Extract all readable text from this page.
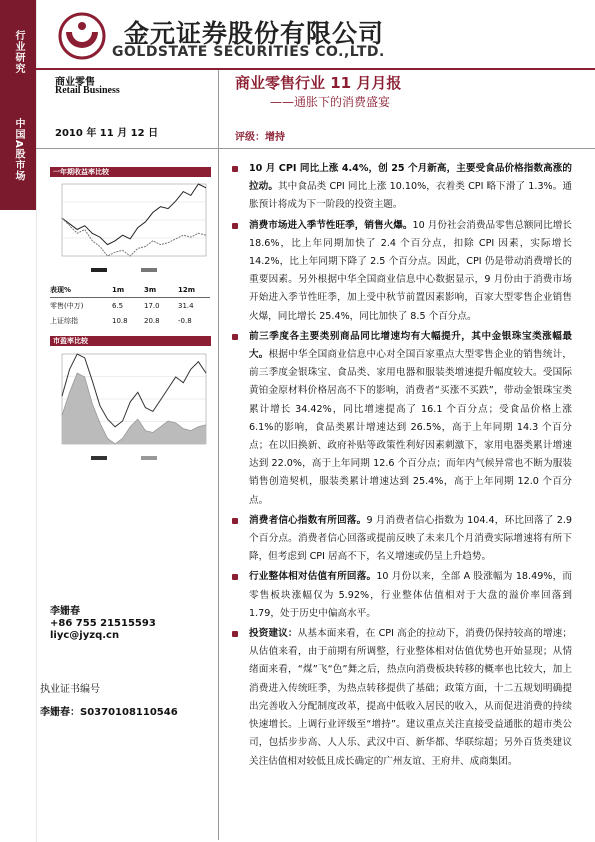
行业研究
中国A股市场
金元证券股份有限公司
GOLDSTATE SECURITIES CO.,LTD.
商业零售
Retail Business	商业零售行业 11 月月报
——通胀下的消费盛宴
2010 年 11 月 12 日	评级：增持
一年期收益率比较
表现%	1m	3m	12m
零售(中万)	6.5	17.0	31.4
上证综指	10.8	20.8	-0.8
市盈率比较
李姗春
+86 755 21515593
liyc@jyzq.cn
执业证书编号
李姗春：S0370108110546
10 月 CPI 同比上涨 4.4%，创 25 个月新高，主要受食品价格指数高涨的拉动。其中食品类 CPI 同比上涨 10.10%，衣着类 CPI 略下滑了 1.3%。通胀预计将成为下一阶段的投资主题。
消费市场进入季节性旺季，销售火爆。10 月份社会消费品零售总额同比增长 18.6%，比上年同期加快了 2.4 个百分点，扣除 CPI 因素，实际增长 14.2%，比上年同期下降了 2.5 个百分点。因此，CPI 仍是带动消费增长的重要因素。另外根据中华全国商业信息中心数据显示，9 月份由于消费市场开始进入季节性旺季，加上受中秋节前置因素影响，百家大型零售企业销售火爆，同比增长 25.4%，同比加快了 8.5 个百分点。
前三季度各主要类别商品同比增速均有大幅提升，其中金银珠宝类涨幅最大。根据中华全国商业信息中心对全国百家重点大型零售企业的销售统计，前三季度金银珠宝、食品类、家用电器和服装类增速提升幅度较大。受国际黄铂金原材料价格居高不下的影响，消费者“买涨不买跌”，带动金银珠宝类累计增长 34.42%，同比增速提高了 16.1 个百分点；受食品价格上涨 6.1%的影响，食品类累计增速达到 26.5%，高于上年同期 14.3 个百分点；在以旧换新、政府补贴等政策性利好因素刺激下，家用电器类累计增速达到 22.0%，高于上年同期 12.6 个百分点；而年内气候异常也不断为服装销售创造契机，服装类累计增速达到 25.4%，高于上年同期 12.0 个百分点。
消费者信心指数有所回落。9 月消费者信心指数为 104.4，环比回落了 2.9 个百分点。消费者信心回落或提前反映了未来几个月消费实际增速将有所下降，但考虑到 CPI 居高不下，名义增速或仍呈上升趋势。
行业整体相对估值有所回落。10 月份以来，全部 A 股涨幅为 18.49%，而零售板块涨幅仅为 5.92%，行业整体估值相对于大盘的溢价率回落到 1.79，处于历史中偏高水平。
投资建议：从基本面来看，在 CPI 高企的拉动下，消费仍保持较高的增速；从估值来看，由于前期有所调整，行业整体相对估值优势也开始显现；从情绪面来看，“煤”飞“色”舞之后，热点向消费板块转移的概率也比较大，加上消费进入传统旺季，为热点转移提供了基础；政策方面，十二五规划明确提出完善收入分配制度改革，提高中低收入居民的收入，从而促进消费的持续快速增长。上调行业评级至“增持”。建议重点关注直接受益通胀的超市类公司，包括步步高、人人乐、武汉中百、新华都、华联综超；另外百货类建议关注估值相对较低且成长确定的广州友谊、王府井、成商集团。
